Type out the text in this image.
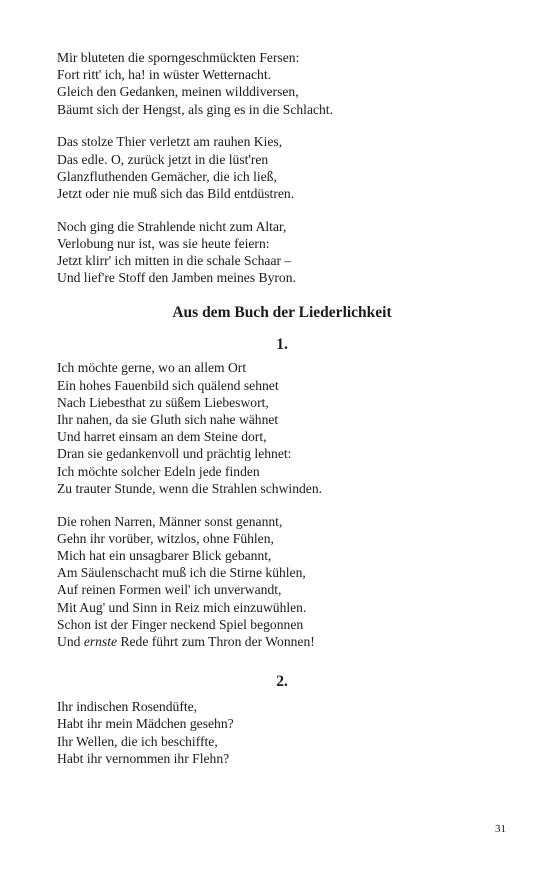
Mir bluteten die sporngeschmückten Fersen:
Fort ritt' ich, ha! in wüster Wetternacht.
Gleich den Gedanken, meinen wilddiversen,
Bäumt sich der Hengst, als ging es in die Schlacht.
Das stolze Thier verletzt am rauhen Kies,
Das edle. O, zurück jetzt in die lüst'ren
Glanzfluthenden Gemächer, die ich ließ,
Jetzt oder nie muß sich das Bild entdüstren.
Noch ging die Strahlende nicht zum Altar,
Verlobung nur ist, was sie heute feiern:
Jetzt klirr' ich mitten in die schale Schaar –
Und lief're Stoff den Jamben meines Byron.
Aus dem Buch der Liederlichkeit
1.
Ich möchte gerne, wo an allem Ort
Ein hohes Fauenbild sich quälend sehnet
Nach Liebesthat zu süßem Liebeswort,
Ihr nahen, da sie Gluth sich nahe wähnet
Und harret einsam an dem Steine dort,
Dran sie gedankenvoll und prächtig lehnet:
Ich möchte solcher Edeln jede finden
Zu trauter Stunde, wenn die Strahlen schwinden.
Die rohen Narren, Männer sonst genannt,
Gehn ihr vorüber, witzlos, ohne Fühlen,
Mich hat ein unsagbarer Blick gebannt,
Am Säulenschacht muß ich die Stirne kühlen,
Auf reinen Formen weil' ich unverwandt,
Mit Aug' und Sinn in Reiz mich einzuwühlen.
Schon ist der Finger neckend Spiel begonnen
Und ernste Rede führt zum Thron der Wonnen!
2.
Ihr indischen Rosendüfte,
Habt ihr mein Mädchen gesehn?
Ihr Wellen, die ich beschiffte,
Habt ihr vernommen ihr Flehn?
31
